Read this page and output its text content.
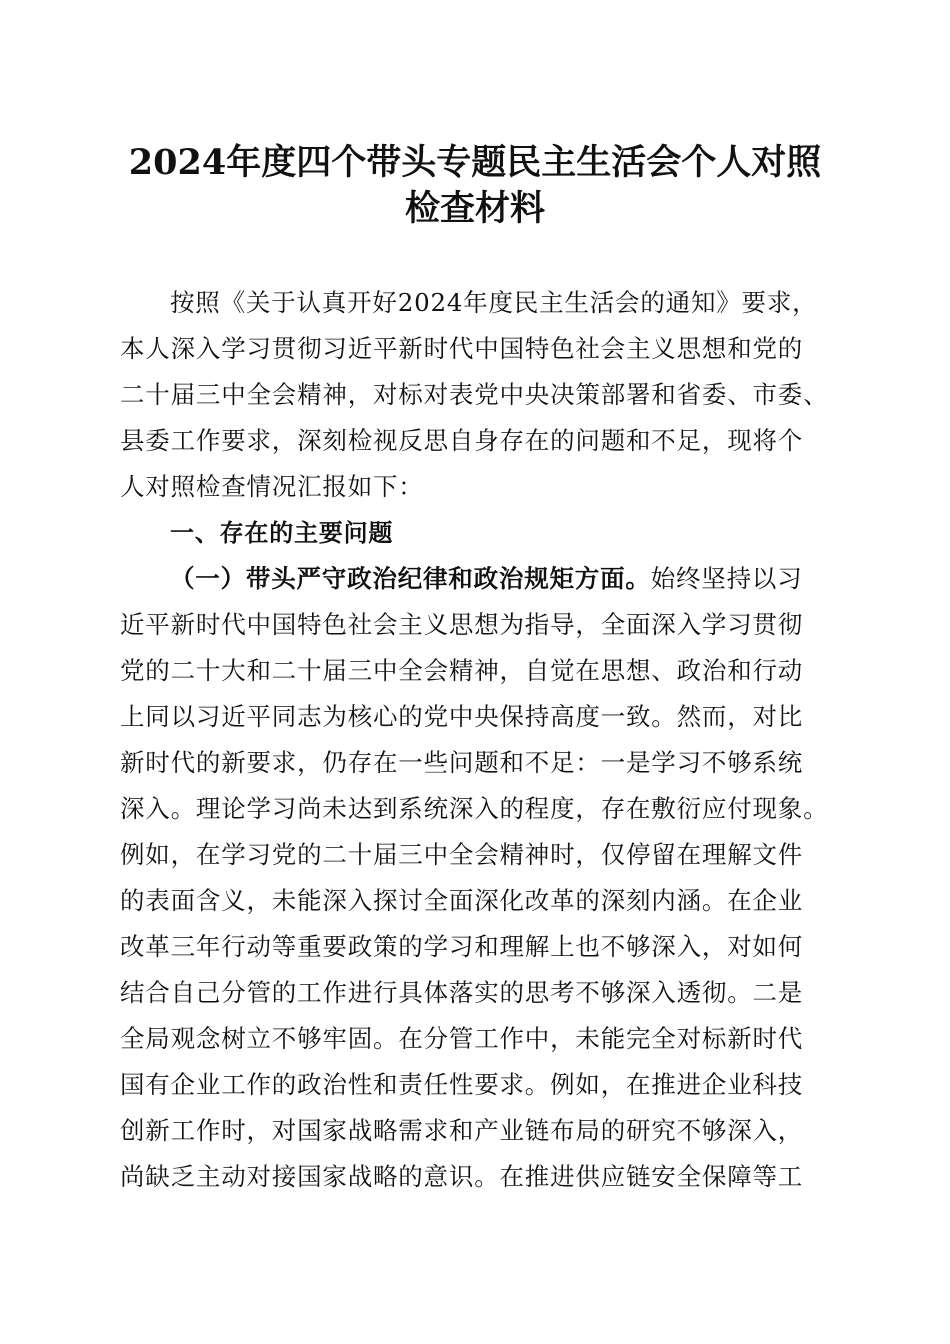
2024年度四个带头专题民主生活会个人对照
检查材料
按照《关于认真开好2024年度民主生活会的通知》要求，
本人深入学习贯彻习近平新时代中国特色社会主义思想和党的
二十届三中全会精神，对标对表党中央决策部署和省委、市委、
县委工作要求，深刻检视反思自身存在的问题和不足，现将个
人对照检查情况汇报如下：
一、存在的主要问题
（一）带头严守政治纪律和政治规矩方面。始终坚持以习
近平新时代中国特色社会主义思想为指导，全面深入学习贯彻
党的二十大和二十届三中全会精神，自觉在思想、政治和行动
上同以习近平同志为核心的党中央保持高度一致。然而，对比
新时代的新要求，仍存在一些问题和不足：一是学习不够系统
深入。理论学习尚未达到系统深入的程度，存在敷衍应付现象。
例如，在学习党的二十届三中全会精神时，仅停留在理解文件
的表面含义，未能深入探讨全面深化改革的深刻内涵。在企业
改革三年行动等重要政策的学习和理解上也不够深入，对如何
结合自己分管的工作进行具体落实的思考不够深入透彻。二是
全局观念树立不够牢固。在分管工作中，未能完全对标新时代
国有企业工作的政治性和责任性要求。例如，在推进企业科技
创新工作时，对国家战略需求和产业链布局的研究不够深入，
尚缺乏主动对接国家战略的意识。在推进供应链安全保障等工
